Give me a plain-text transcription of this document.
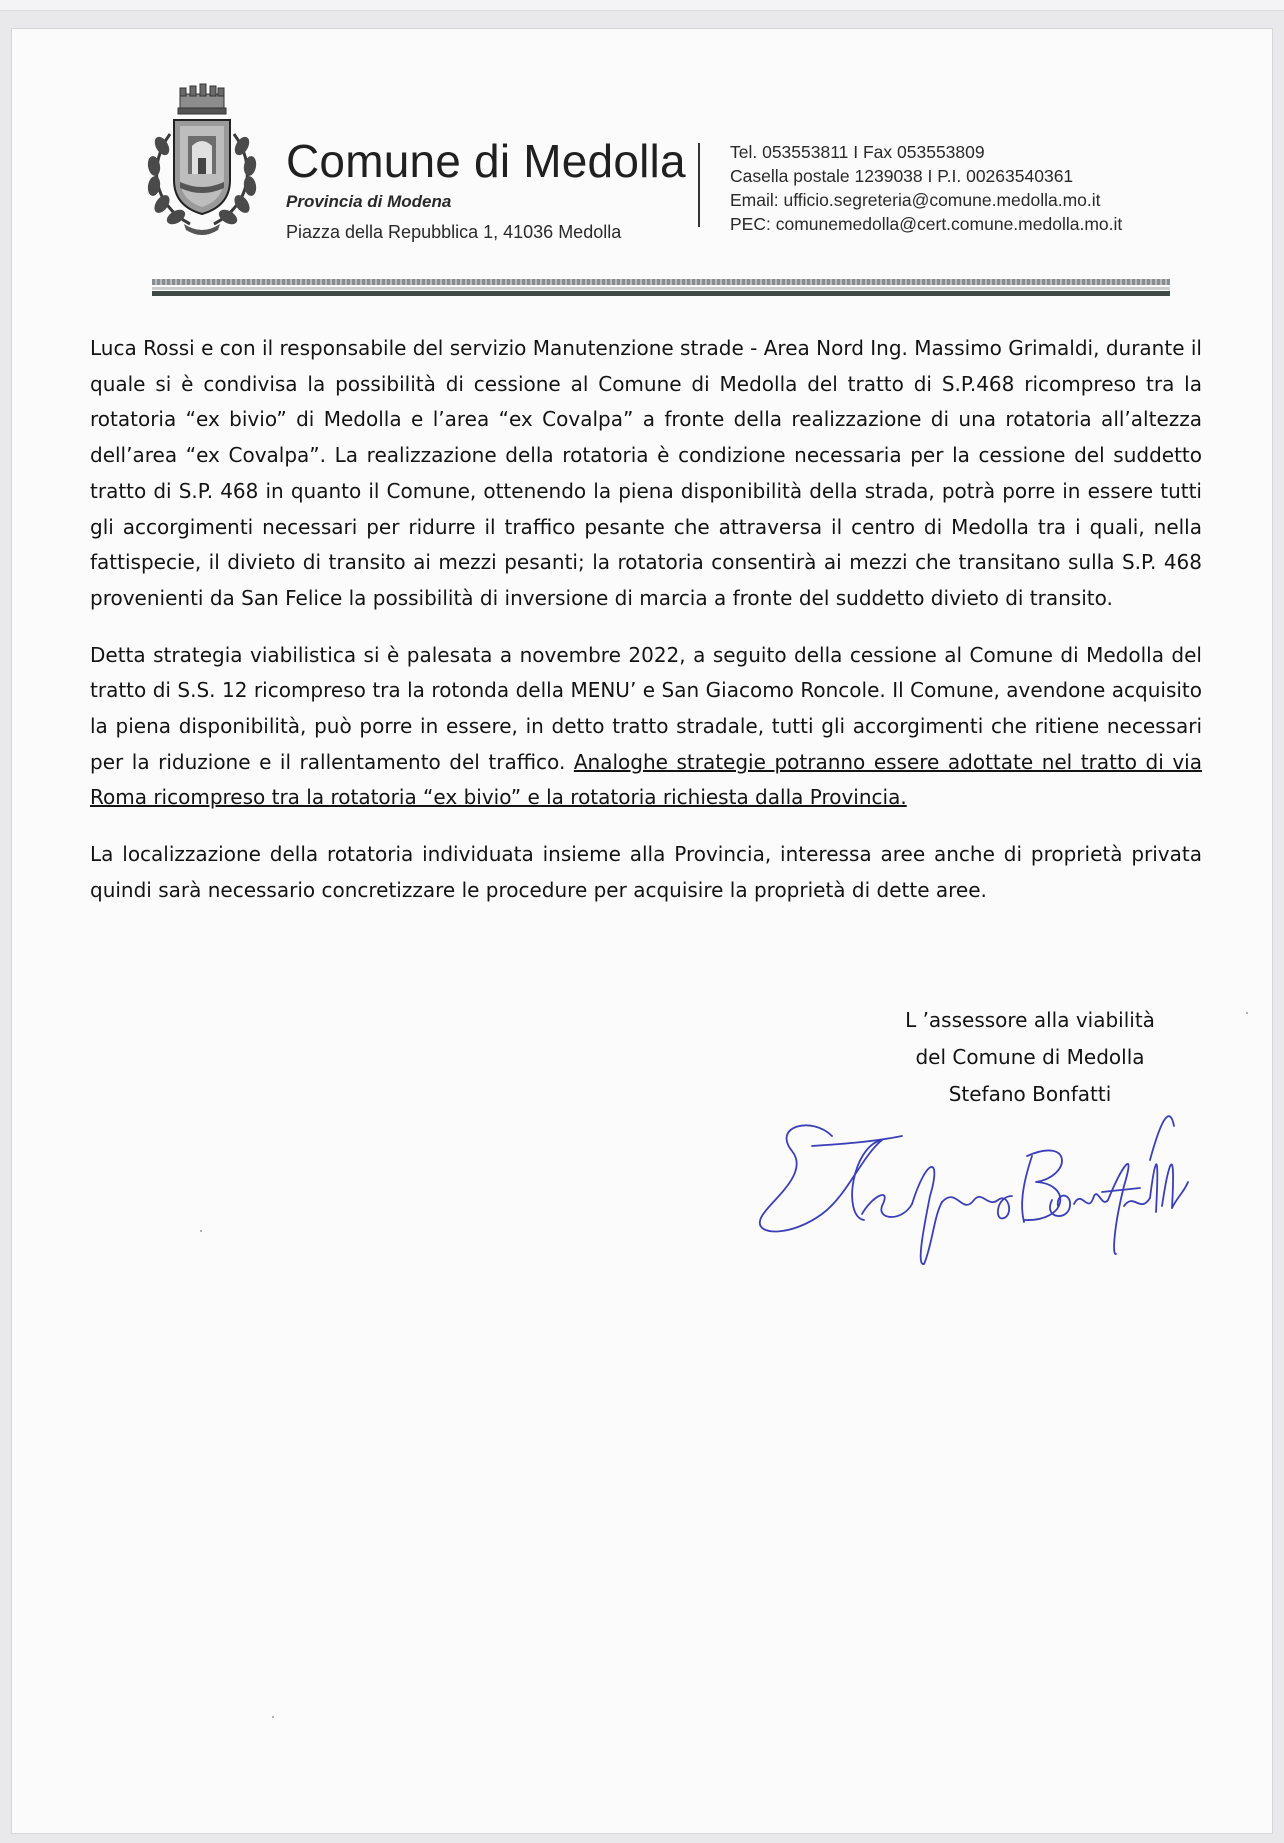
Comune di Medolla
Provincia di Modena
Piazza della Repubblica 1, 41036 Medolla
Tel. 053553811 I Fax 053553809
Casella postale 1239038 I P.I. 00263540361
Email: ufficio.segreteria@comune.medolla.mo.it
PEC: comunemedolla@cert.comune.medolla.mo.it

Luca Rossi e con il responsabile del servizio Manutenzione strade - Area Nord Ing. Massimo Grimaldi, durante il quale si è condivisa la possibilità di cessione al Comune di Medolla del tratto di S.P.468 ricompreso tra la rotatoria “ex bivio” di Medolla e l’area “ex Covalpa” a fronte della realizzazione di una rotatoria all’altezza dell’area “ex Covalpa”. La realizzazione della rotatoria è condizione necessaria per la cessione del suddetto tratto di S.P. 468 in quanto il Comune, ottenendo la piena disponibilità della strada, potrà porre in essere tutti gli accorgimenti necessari per ridurre il traffico pesante che attraversa il centro di Medolla tra i quali, nella fattispecie, il divieto di transito ai mezzi pesanti; la rotatoria consentirà ai mezzi che transitano sulla S.P. 468 provenienti da San Felice la possibilità di inversione di marcia a fronte del suddetto divieto di transito.

Detta strategia viabilistica si è palesata a novembre 2022, a seguito della cessione al Comune di Medolla del tratto di S.S. 12 ricompreso tra la rotonda della MENU’ e San Giacomo Roncole. Il Comune, avendone acquisito la piena disponibilità, può porre in essere, in detto tratto stradale, tutti gli accorgimenti che ritiene necessari per la riduzione e il rallentamento del traffico. Analoghe strategie potranno essere adottate nel tratto di via Roma ricompreso tra la rotatoria “ex bivio” e la rotatoria richiesta dalla Provincia.

La localizzazione della rotatoria individuata insieme alla Provincia, interessa aree anche di proprietà privata quindi sarà necessario concretizzare le procedure per acquisire la proprietà di dette aree.

L ’assessore alla viabilità
del Comune di Medolla
Stefano Bonfatti
